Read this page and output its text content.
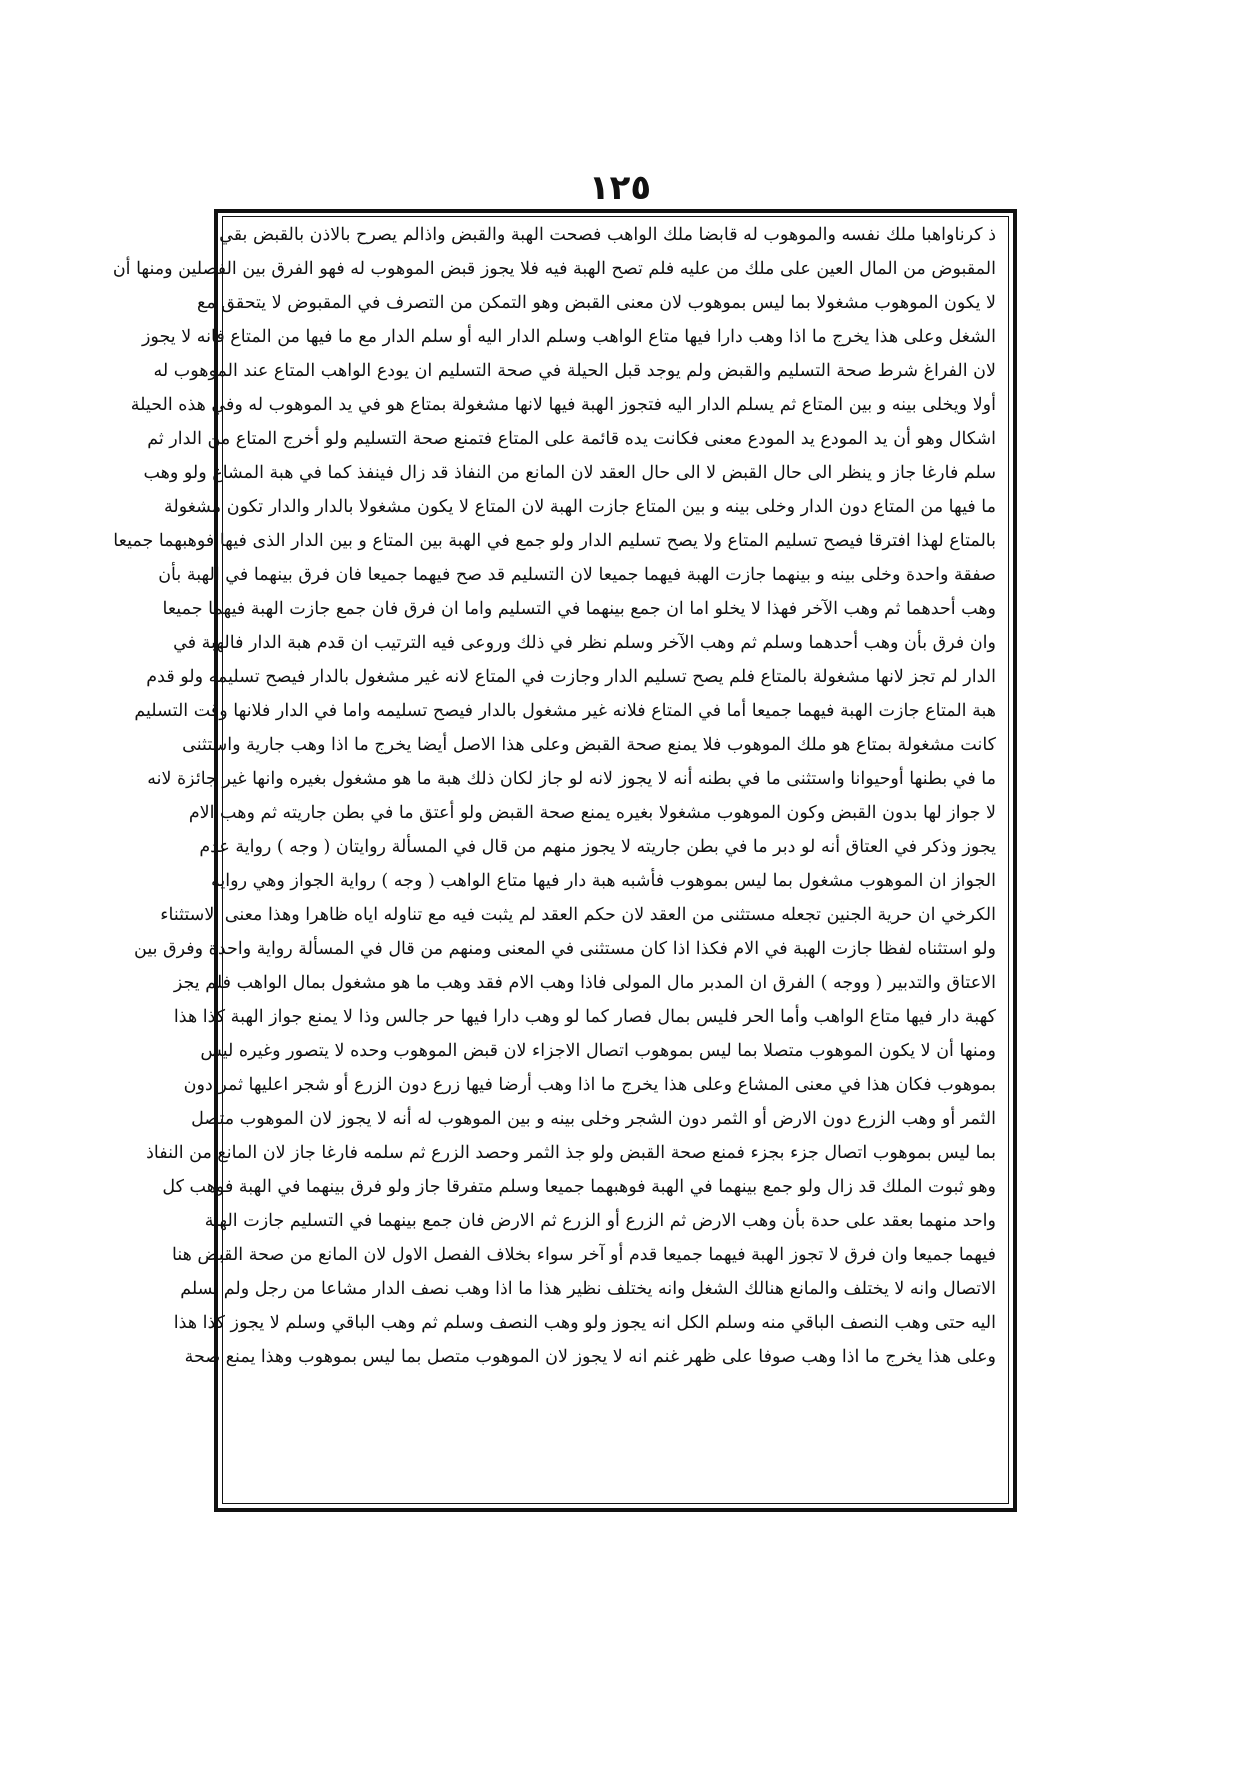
١٢٥
ذ كرناواهبا ملك نفسه والموهوب له قابضا ملك الواهب فصحت الهبة والقبض واذالم يصرح بالاذن بالقبض بقي
المقبوض من المال العين على ملك من عليه فلم تصح الهبة فيه فلا يجوز قبض الموهوب له فهو الفرق بين الفصلين ومنها أن
لا يكون الموهوب مشغولا بما ليس بموهوب لان معنى القبض وهو التمكن من التصرف في المقبوض لا يتحقق مع
الشغل وعلى هذا يخرج ما اذا وهب دارا فيها متاع الواهب وسلم الدار اليه أو سلم الدار مع ما فيها من المتاع فانه لا يجوز
لان الفراغ شرط صحة التسليم والقبض ولم يوجد قبل الحيلة في صحة التسليم ان يودع الواهب المتاع عند الموهوب له
أولا ويخلى بينه و بين المتاع ثم يسلم الدار اليه فتجوز الهبة فيها لانها مشغولة بمتاع هو في يد الموهوب له وفي هذه الحيلة
اشكال وهو أن يد المودع يد المودع معنى فكانت يده قائمة على المتاع فتمنع صحة التسليم ولو أخرج المتاع من الدار ثم
سلم فارغا جاز و ينظر الى حال القبض لا الى حال العقد لان المانع من النفاذ قد زال فينفذ كما في هبة المشاع ولو وهب
ما فيها من المتاع دون الدار وخلى بينه و بين المتاع جازت الهبة لان المتاع لا يكون مشغولا بالدار والدار تكون مشغولة
بالمتاع لهذا افترقا فيصح تسليم المتاع ولا يصح تسليم الدار ولو جمع في الهبة بين المتاع و بين الدار الذى فيها فوهبهما جميعا
صفقة واحدة وخلى بينه و بينهما جازت الهبة فيهما جميعا لان التسليم قد صح فيهما جميعا فان فرق بينهما في الهبة بأن
وهب أحدهما ثم وهب الآخر فهذا لا يخلو اما ان جمع بينهما في التسليم واما ان فرق فان جمع جازت الهبة فيهما جميعا
وان فرق بأن وهب أحدهما وسلم ثم وهب الآخر وسلم نظر في ذلك وروعى فيه الترتيب ان قدم هبة الدار فالهبة في
الدار لم تجز لانها مشغولة بالمتاع فلم يصح تسليم الدار وجازت في المتاع لانه غير مشغول بالدار فيصح تسليمه ولو قدم
هبة المتاع جازت الهبة فيهما جميعا أما في المتاع فلانه غير مشغول بالدار فيصح تسليمه واما في الدار فلانها وقت التسليم
كانت مشغولة بمتاع هو ملك الموهوب فلا يمنع صحة القبض وعلى هذا الاصل أيضا يخرج ما اذا وهب جارية واستثنى
ما في بطنها أوحيوانا واستثنى ما في بطنه أنه لا يجوز لانه لو جاز لكان ذلك هبة ما هو مشغول بغيره وانها غير جائزة لانه
لا جواز لها بدون القبض وكون الموهوب مشغولا بغيره يمنع صحة القبض ولو أعتق ما في بطن جاريته ثم وهب الام
يجوز وذكر في العتاق أنه لو دبر ما في بطن جاريته لا يجوز منهم من قال في المسألة روايتان ( وجه ) رواية عدم
الجواز ان الموهوب مشغول بما ليس بموهوب فأشبه هبة دار فيها متاع الواهب ( وجه ) رواية الجواز وهي رواية
الكرخي ان حرية الجنين تجعله مستثنى من العقد لان حكم العقد لم يثبت فيه مع تناوله اياه ظاهرا وهذا معنى الاستثناء
ولو استثناه لفظا جازت الهبة في الام فكذا اذا كان مستثنى في المعنى ومنهم من قال في المسألة رواية واحدة وفرق بين
الاعتاق والتدبير ( ووجه ) الفرق ان المدبر مال المولى فاذا وهب الام فقد وهب ما هو مشغول بمال الواهب فلم يجز
كهبة دار فيها متاع الواهب وأما الحر فليس بمال فصار كما لو وهب دارا فيها حر جالس وذا لا يمنع جواز الهبة كذا هذا
ومنها أن لا يكون الموهوب متصلا بما ليس بموهوب اتصال الاجزاء لان قبض الموهوب وحده لا يتصور وغيره ليس
بموهوب فكان هذا في معنى المشاع وعلى هذا يخرج ما اذا وهب أرضا فيها زرع دون الزرع أو شجر اعليها ثمر دون
الثمر أو وهب الزرع دون الارض أو الثمر دون الشجر وخلى بينه و بين الموهوب له أنه لا يجوز لان الموهوب متصل
بما ليس بموهوب اتصال جزء بجزء فمنع صحة القبض ولو جذ الثمر وحصد الزرع ثم سلمه فارغا جاز لان المانع من النفاذ
وهو ثبوت الملك قد زال ولو جمع بينهما في الهبة فوهبهما جميعا وسلم متفرقا جاز ولو فرق بينهما في الهبة فوهب كل
واحد منهما بعقد على حدة بأن وهب الارض ثم الزرع أو الزرع ثم الارض فان جمع بينهما في التسليم جازت الهبة
فيهما جميعا وان فرق لا تجوز الهبة فيهما جميعا قدم أو آخر سواء بخلاف الفصل الاول لان المانع من صحة القبض هنا
الاتصال وانه لا يختلف والمانع هنالك الشغل وانه يختلف نظير هذا ما اذا وهب نصف الدار مشاعا من رجل ولم يسلم
اليه حتى وهب النصف الباقي منه وسلم الكل انه يجوز ولو وهب النصف وسلم ثم وهب الباقي وسلم لا يجوز كذا هذا
وعلى هذا يخرج ما اذا وهب صوفا على ظهر غنم انه لا يجوز لان الموهوب متصل بما ليس بموهوب وهذا يمنع صحة
